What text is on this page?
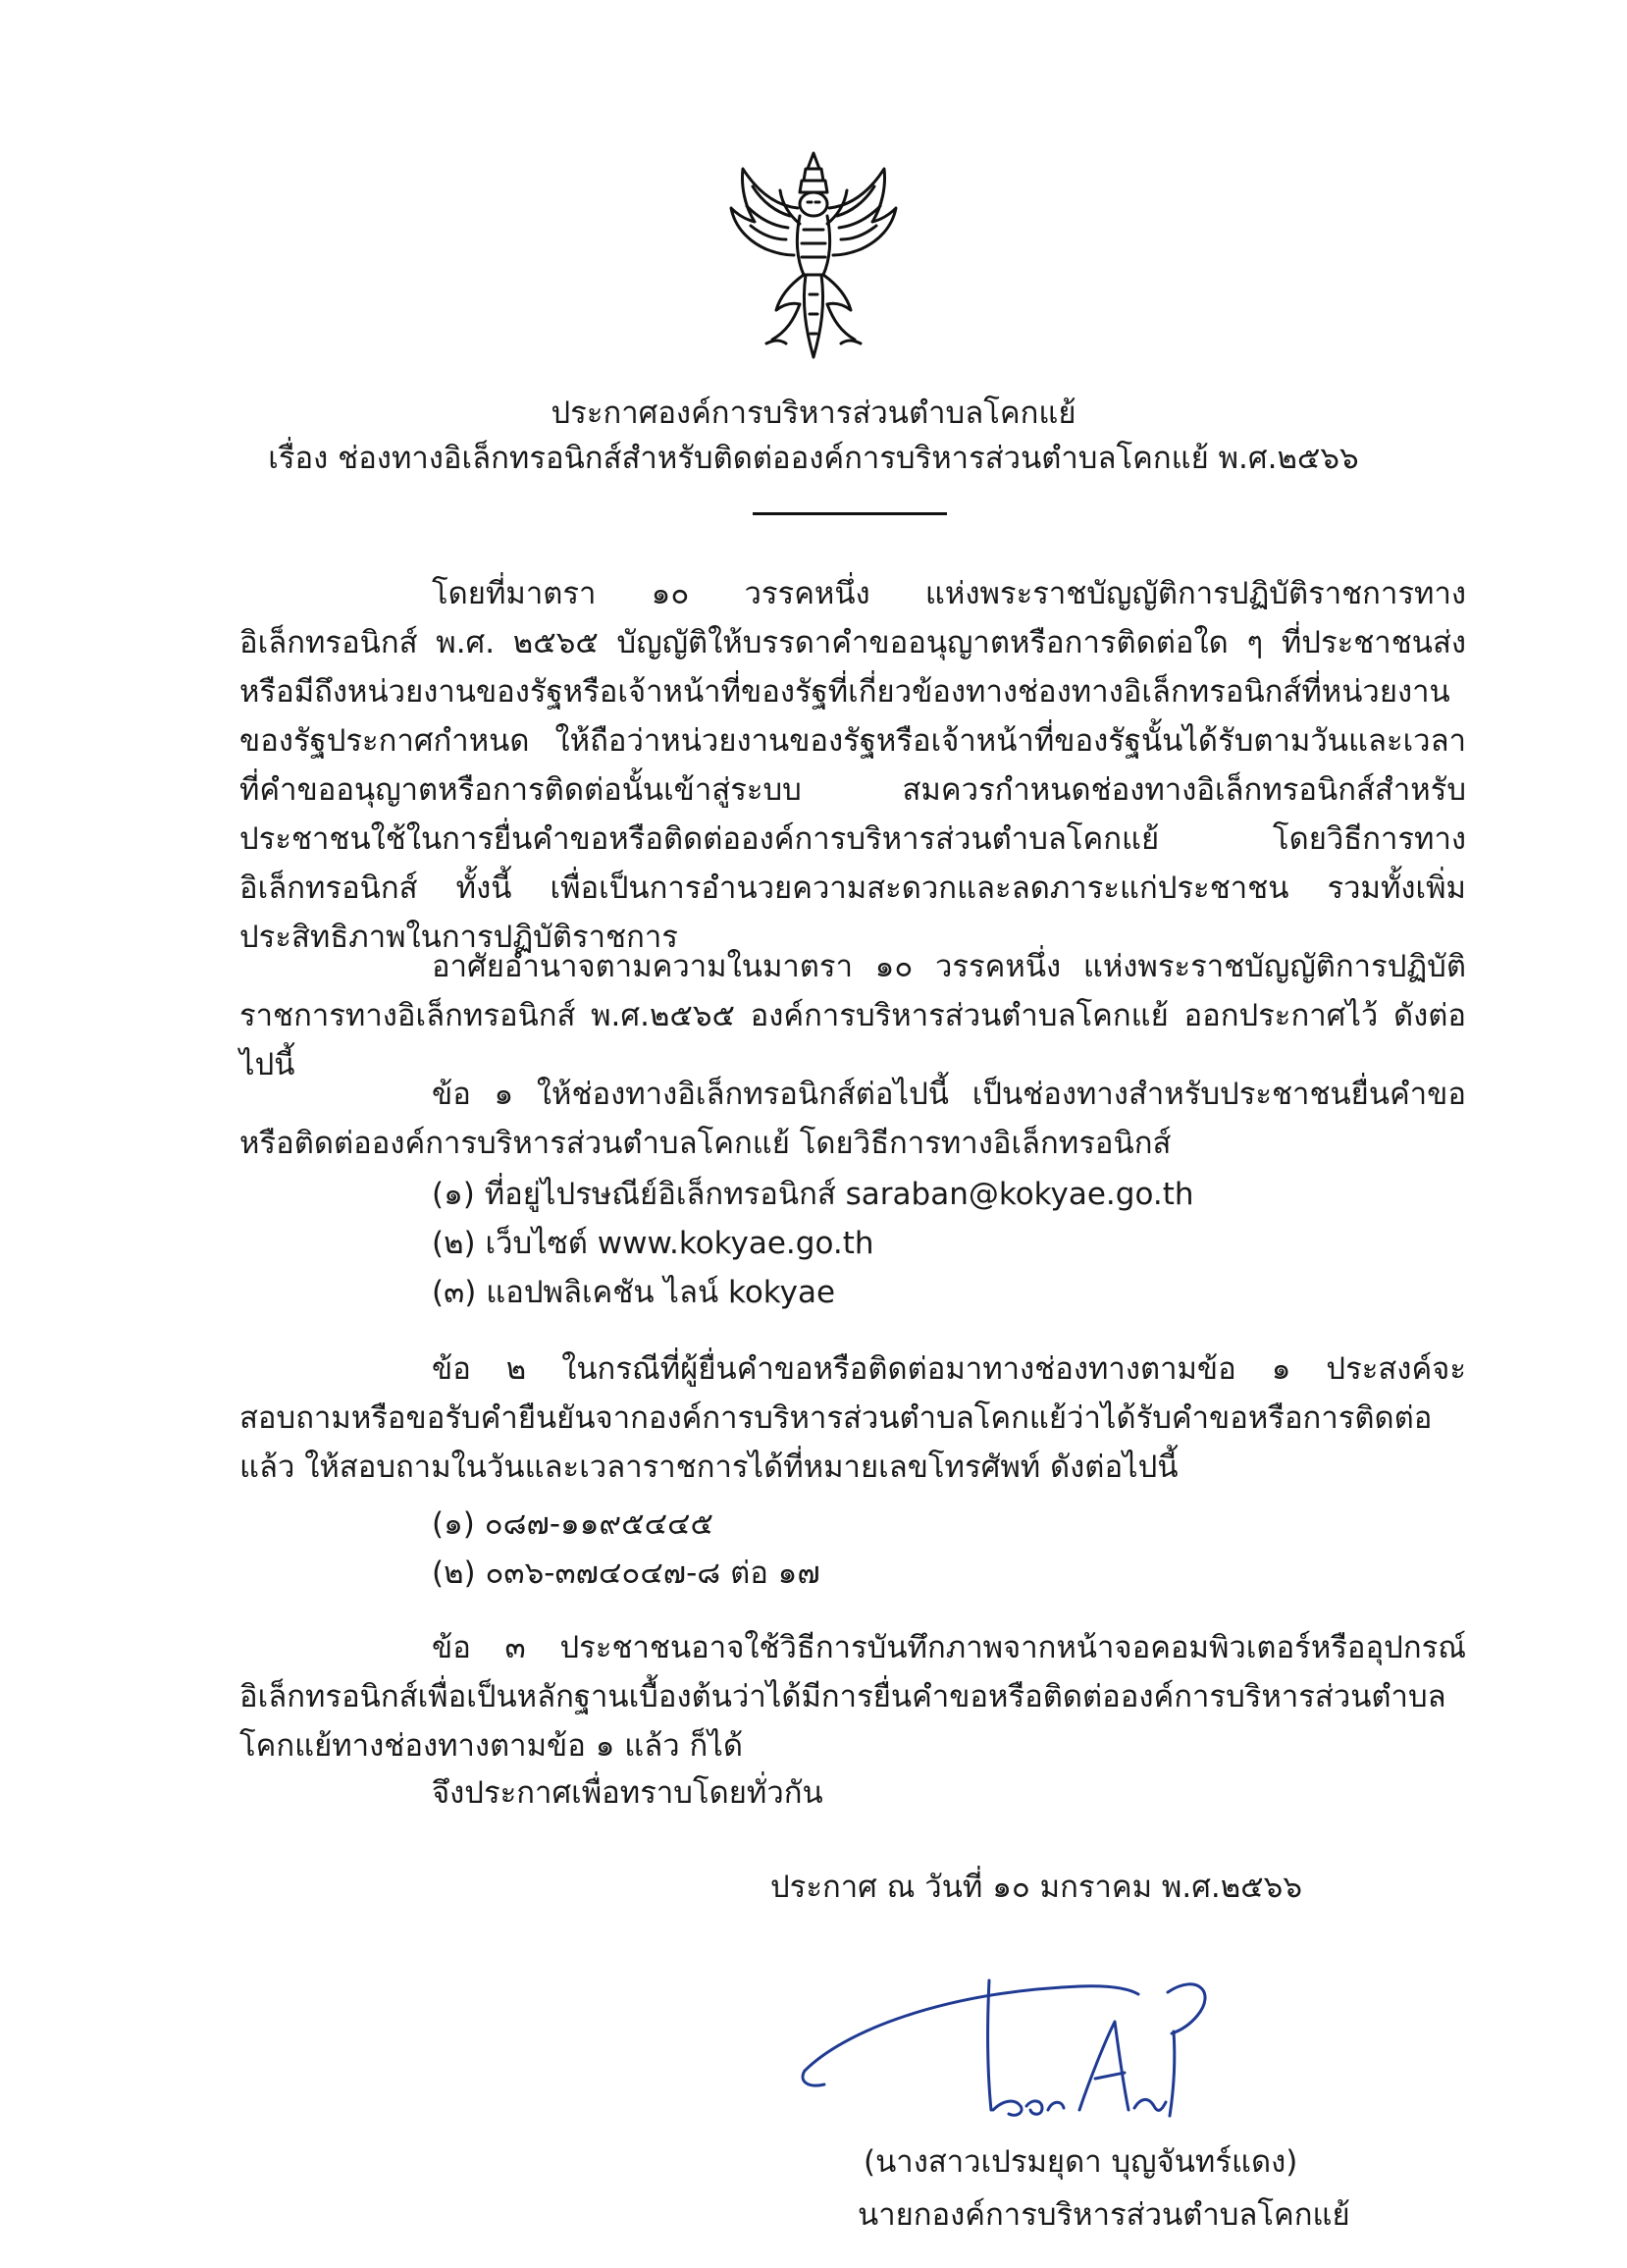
ประกาศองค์การบริหารส่วนตำบลโคกแย้
เรื่อง ช่องทางอิเล็กทรอนิกส์สำหรับติดต่อองค์การบริหารส่วนตำบลโคกแย้ พ.ศ.๒๕๖๖

โดยที่มาตรา ๑๐ วรรคหนึ่ง แห่งพระราชบัญญัติการปฏิบัติราชการทางอิเล็กทรอนิกส์ พ.ศ. ๒๕๖๕ บัญญัติให้บรรดาคำขออนุญาตหรือการติดต่อใด ๆ ที่ประชาชนส่งหรือมีถึงหน่วยงานของรัฐหรือเจ้าหน้าที่ของรัฐที่เกี่ยวข้องทางช่องทางอิเล็กทรอนิกส์ที่หน่วยงานของรัฐประกาศกำหนด ให้ถือว่าหน่วยงานของรัฐหรือเจ้าหน้าที่ของรัฐนั้นได้รับตามวันและเวลาที่คำขออนุญาตหรือการติดต่อนั้นเข้าสู่ระบบ สมควรกำหนดช่องทางอิเล็กทรอนิกส์สำหรับประชาชนใช้ในการยื่นคำขอหรือติดต่อองค์การบริหารส่วนตำบลโคกแย้ โดยวิธีการทางอิเล็กทรอนิกส์ ทั้งนี้ เพื่อเป็นการอำนวยความสะดวกและลดภาระแก่ประชาชน รวมทั้งเพิ่มประสิทธิภาพในการปฏิบัติราชการ

อาศัยอำนาจตามความในมาตรา ๑๐ วรรคหนึ่ง แห่งพระราชบัญญัติการปฏิบัติราชการทางอิเล็กทรอนิกส์ พ.ศ.๒๕๖๕ องค์การบริหารส่วนตำบลโคกแย้ ออกประกาศไว้ ดังต่อไปนี้

ข้อ ๑ ให้ช่องทางอิเล็กทรอนิกส์ต่อไปนี้ เป็นช่องทางสำหรับประชาชนยื่นคำขอหรือติดต่อองค์การบริหารส่วนตำบลโคกแย้ โดยวิธีการทางอิเล็กทรอนิกส์

(๑) ที่อยู่ไปรษณีย์อิเล็กทรอนิกส์ saraban@kokyae.go.th
(๒) เว็บไซต์ www.kokyae.go.th
(๓) แอปพลิเคชัน ไลน์ kokyae

ข้อ ๒ ในกรณีที่ผู้ยื่นคำขอหรือติดต่อมาทางช่องทางตามข้อ ๑ ประสงค์จะสอบถามหรือขอรับคำยืนยันจากองค์การบริหารส่วนตำบลโคกแย้ว่าได้รับคำขอหรือการติดต่อแล้ว ให้สอบถามในวันและเวลาราชการได้ที่หมายเลขโทรศัพท์ ดังต่อไปนี้

(๑) ๐๘๗-๑๑๙๕๔๔๕
(๒) ๐๓๖-๓๗๔๐๔๗-๘ ต่อ ๑๗

ข้อ ๓ ประชาชนอาจใช้วิธีการบันทึกภาพจากหน้าจอคอมพิวเตอร์หรืออุปกรณ์อิเล็กทรอนิกส์เพื่อเป็นหลักฐานเบื้องต้นว่าได้มีการยื่นคำขอหรือติดต่อองค์การบริหารส่วนตำบลโคกแย้ทางช่องทางตามข้อ ๑ แล้ว ก็ได้

จึงประกาศเพื่อทราบโดยทั่วกัน
ประกาศ ณ วันที่ ๑๐ มกราคม พ.ศ.๒๕๖๖
(นางสาวเปรมยุดา บุญจันทร์แดง)
นายกองค์การบริหารส่วนตำบลโคกแย้
